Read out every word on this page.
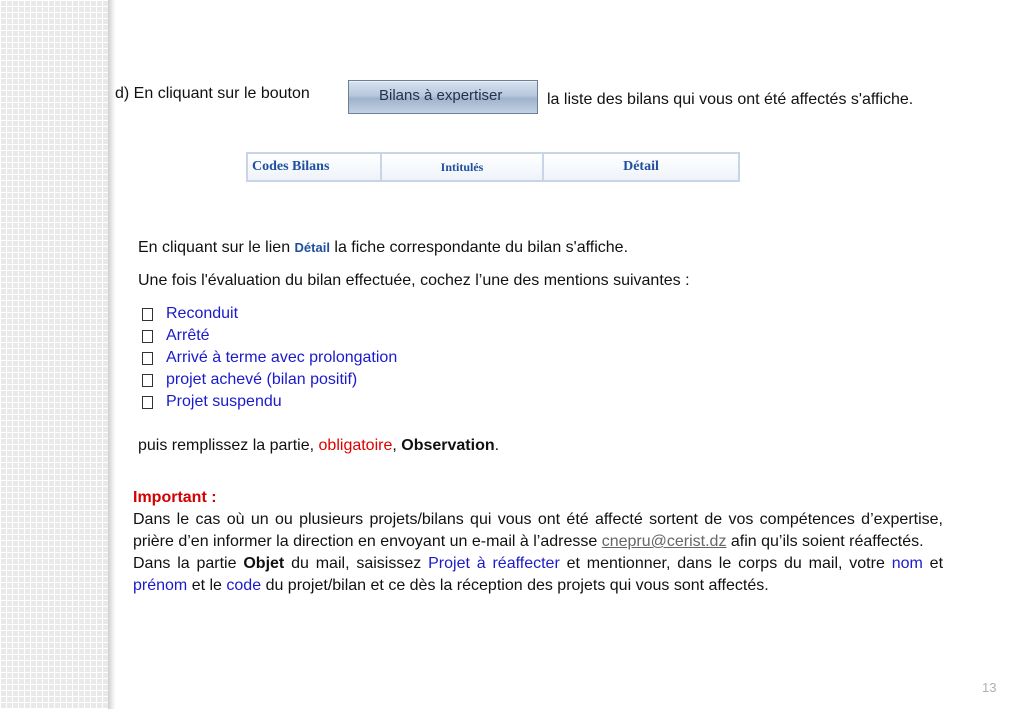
d) En cliquant sur le bouton	Bilans à expertiser	la liste des bilans qui vous ont été affectés s'affiche.
Codes Bilans	Intitulés	Détail
En cliquant sur le lien Détail la fiche correspondante du bilan s'affiche.
Une fois l'évaluation du bilan effectuée, cochez l’une des mentions suivantes :
Reconduit
Arrêté
Arrivé à terme avec prolongation
projet achevé (bilan positif)
Projet suspendu
puis remplissez la partie, obligatoire, Observation.
Important :

Dans le cas où un ou plusieurs projets/bilans qui vous ont été affecté sortent de vos compétences d’expertise, prière d’en informer la direction en envoyant un e-mail à l’adresse cnepru@cerist.dz afin qu’ils soient réaffectés.

Dans la partie Objet du mail, saisissez Projet à réaffecter et mentionner, dans le corps du mail, votre nom et prénom et le code du projet/bilan et ce dès la réception des projets qui vous sont affectés.

13
